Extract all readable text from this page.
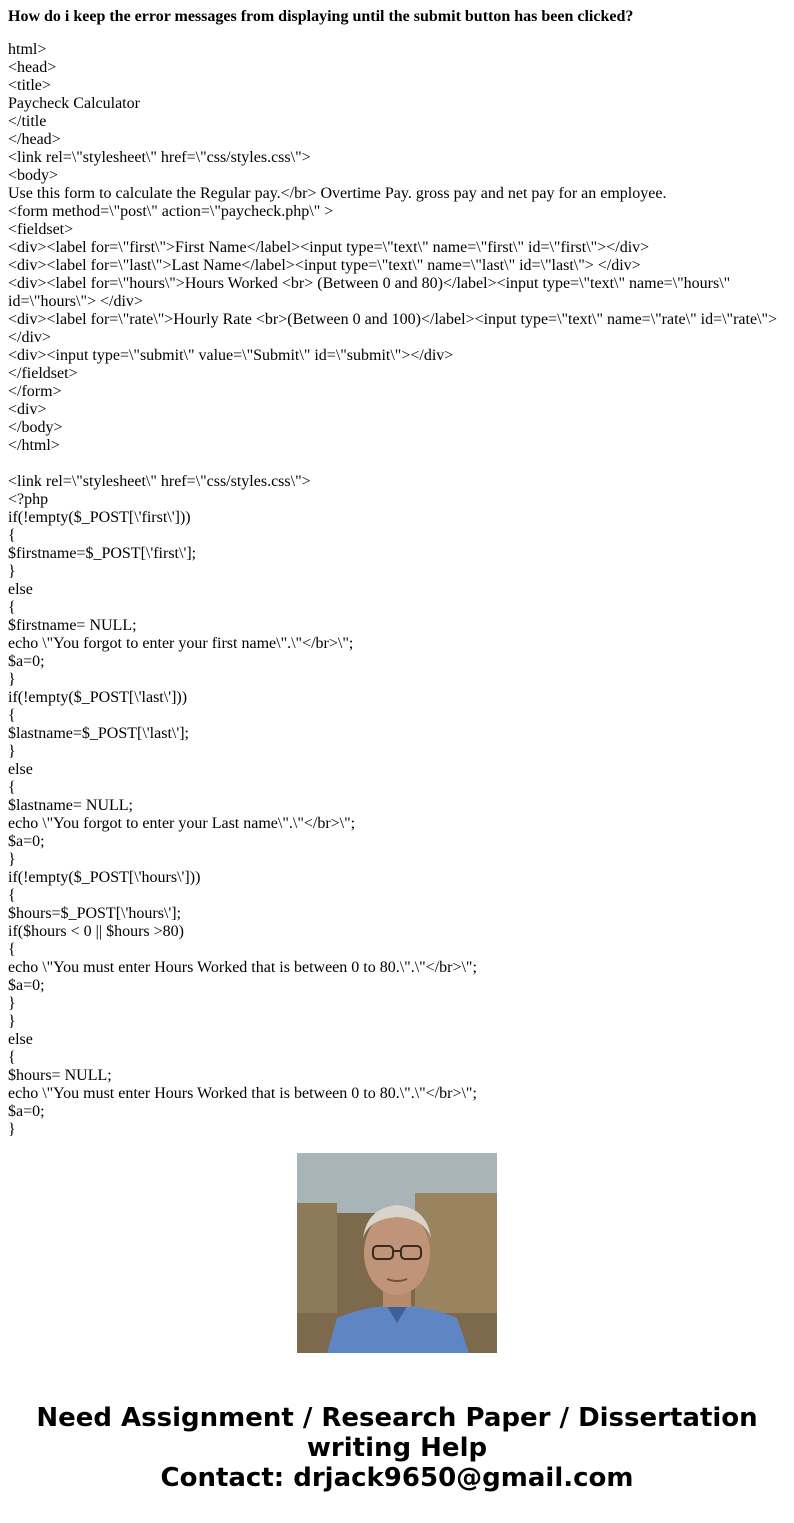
How do i keep the error messages from displaying until the submit button has been clicked?
html>
<head>
<title>
Paycheck Calculator
</title
</head>
<link rel=\"stylesheet\" href=\"css/styles.css\">
<body>
Use this form to calculate the Regular pay.</br> Overtime Pay. gross pay and net pay for an employee.
<form method=\"post\" action=\"paycheck.php\" >
<fieldset>
<div><label for=\"first\">First Name</label><input type=\"text\" name=\"first\" id=\"first\"></div>
<div><label for=\"last\">Last Name</label><input type=\"text\" name=\"last\" id=\"last\"> </div>
<div><label for=\"hours\">Hours Worked <br> (Between 0 and 80)</label><input type=\"text\" name=\"hours\" id=\"hours\"> </div>
<div><label for=\"rate\">Hourly Rate <br>(Between 0 and 100)</label><input type=\"text\" name=\"rate\" id=\"rate\"> </div>
<div><input type=\"submit\" value=\"Submit\" id=\"submit\"></div>
</fieldset>
</form>
<div>
</body>
</html>
<link rel=\"stylesheet\" href=\"css/styles.css\">
<?php
if(!empty($_POST[\'first\']))
{
$firstname=$_POST[\'first\'];
}
else
{
$firstname= NULL;
echo \"You forgot to enter your first name\".\"</br>\";
$a=0;
}
if(!empty($_POST[\'last\']))
{
$lastname=$_POST[\'last\'];
}
else
{
$lastname= NULL;
echo \"You forgot to enter your Last name\".\"</br>\";
$a=0;
}
if(!empty($_POST[\'hours\']))
{
$hours=$_POST[\'hours\'];
if($hours < 0 || $hours >80)
{
echo \"You must enter Hours Worked that is between 0 to 80.\".\"</br>\";
$a=0;
}
}
else
{
$hours= NULL;
echo \"You must enter Hours Worked that is between 0 to 80.\".\"</br>\";
$a=0;
}
Need Assignment / Research Paper / Dissertation
writing Help
Contact: drjack9650@gmail.com
